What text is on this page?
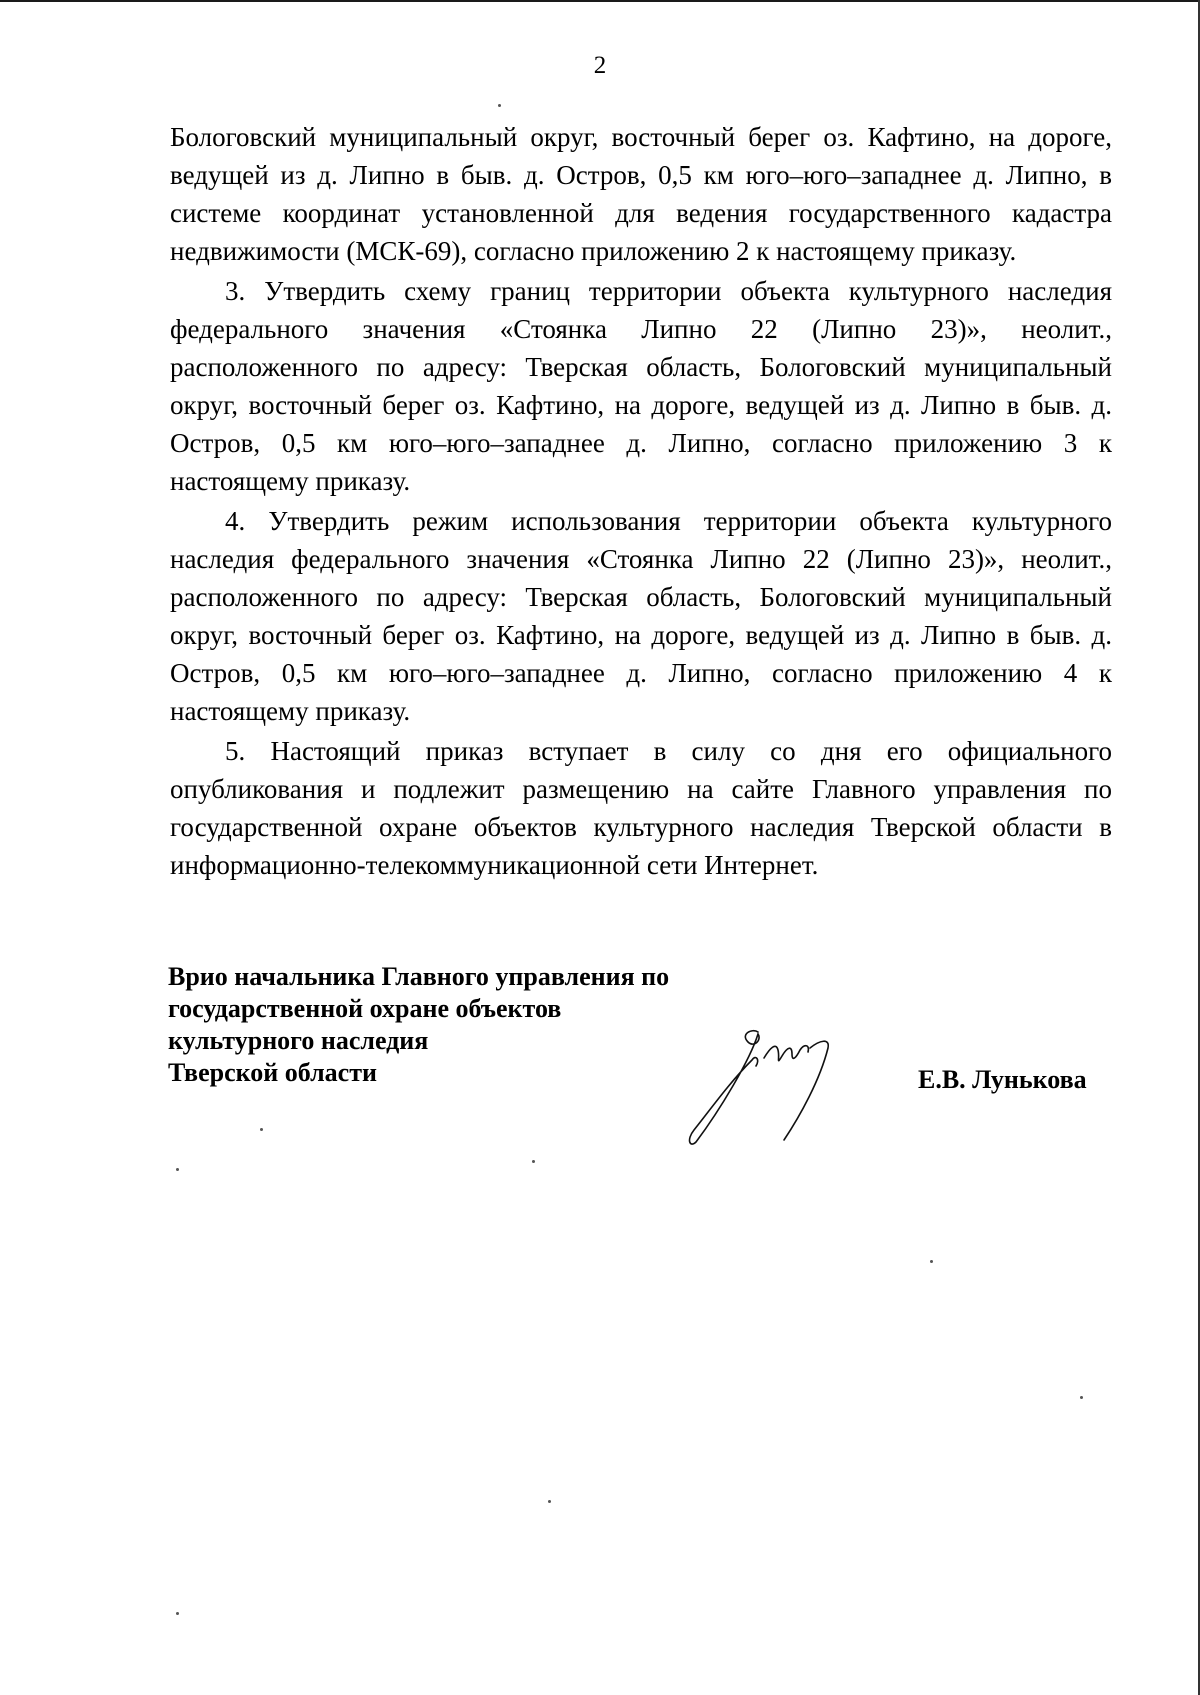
2

Бологовский муниципальный округ, восточный берег оз. Кафтино, на дороге, ведущей из д. Липно в быв. д. Остров, 0,5 км юго–юго–западнее д. Липно, в системе координат установленной для ведения государственного кадастра недвижимости (МСК-69), согласно приложению 2 к настоящему приказу.

3. Утвердить схему границ территории объекта культурного наследия федерального значения «Стоянка Липно 22 (Липно 23)», неолит., расположенного по адресу: Тверская область, Бологовский муниципальный округ, восточный берег оз. Кафтино, на дороге, ведущей из д. Липно в быв. д. Остров, 0,5 км юго–юго–западнее д. Липно, согласно приложению 3 к настоящему приказу.

4. Утвердить режим использования территории объекта культурного наследия федерального значения «Стоянка Липно 22 (Липно 23)», неолит., расположенного по адресу: Тверская область, Бологовский муниципальный округ, восточный берег оз. Кафтино, на дороге, ведущей из д. Липно в быв. д. Остров, 0,5 км юго–юго–западнее д. Липно, согласно приложению 4 к настоящему приказу.

5. Настоящий приказ вступает в силу со дня его официального опубликования и подлежит размещению на сайте Главного управления по государственной охране объектов культурного наследия Тверской области в информационно-телекоммуникационной сети Интернет.

Врио начальника Главного управления по
государственной охране объектов
культурного наследия
Тверской области	Е.В. Лунькова
